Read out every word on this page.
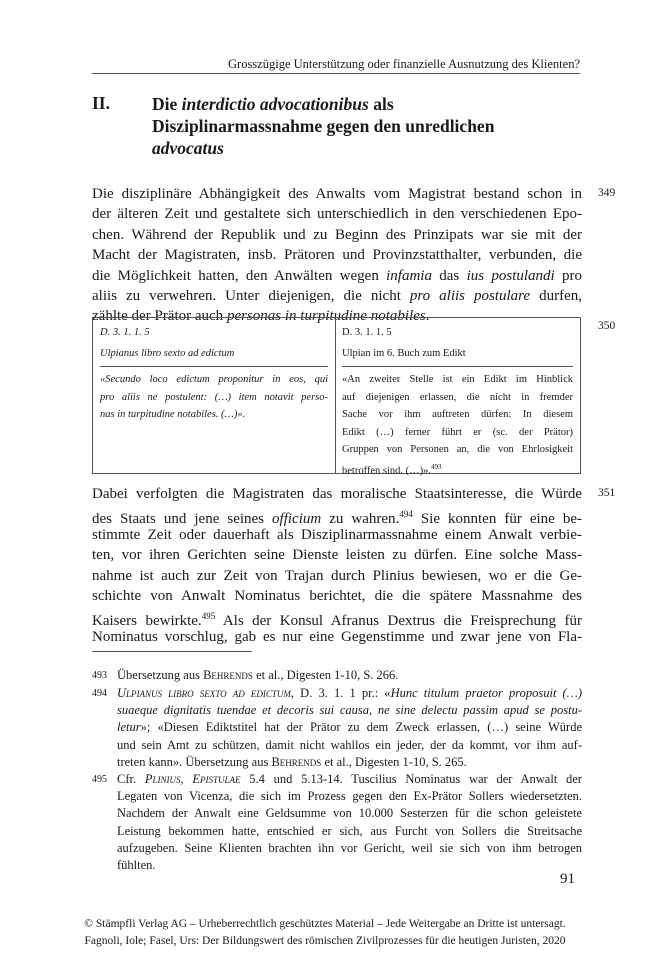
Grosszügige Unterstützung oder finanzielle Ausnutzung des Klienten?
II. Die interdictio advocationibus als
Disziplinarmassnahme gegen den unredlichen
advocatus
349
Die disziplinäre Abhängigkeit des Anwalts vom Magistrat bestand schon in
der älteren Zeit und gestaltete sich unterschiedlich in den verschiedenen Epo-
chen. Während der Republik und zu Beginn des Prinzipats war sie mit der
Macht der Magistraten, insb. Prätoren und Provinzstatthalter, verbunden, die
die Möglichkeit hatten, den Anwälten wegen infamia das ius postulandi pro
aliis zu verwehren. Unter diejenigen, die nicht pro aliis postulare durfen,
zählte der Prätor auch personas in turpitudine notabiles.
350
D. 3. 1. 1. 5
Ulpianus libro sexto ad edictum
«Secundo loco edictum proponitur in eos, qui
pro aliis ne postulent: (…) item notavit perso-
nas in turpitudine notabiles. (…)».
D. 3. 1. 1. 5
Ulpian im 6. Buch zum Edikt
«An zweiter Stelle ist ein Edikt im Hinblick
auf diejenigen erlassen, die nicht in fremder
Sache vor ihm auftreten dürfen: In diesem
Edikt (…) ferner führt er (sc. der Prätor)
Gruppen von Personen an, die von Ehrlosigkeit
betroffen sind. (…)».$^{493}$
351
Dabei verfolgten die Magistraten das moralische Staatsinteresse, die Würde
des Staats und jene seines officium zu wahren.$^{494}$ Sie konnten für eine be-
stimmte Zeit oder dauerhaft als Disziplinarmassnahme einem Anwalt verbie-
ten, vor ihren Gerichten seine Dienste leisten zu dürfen. Eine solche Mass-
nahme ist auch zur Zeit von Trajan durch Plinius bewiesen, wo er die Ge-
schichte von Anwalt Nominatus berichtet, die die spätere Massnahme des
Kaisers bewirkte.$^{495}$ Als der Konsul Afranus Dextrus die Freisprechung für
Nominatus vorschlug, gab es nur eine Gegenstimme und zwar jene von Fla-
493 Übersetzung aus Behrends et al., Digesten 1-10, S. 266.
494 Ulpianus libro sexto ad edictum, D. 3. 1. 1 pr.: «Hunc titulum praetor proposuit (…)
suaeque dignitatis tuendae et decoris sui causa, ne sine delectu passim apud se postu-
letur»; «Diesen Ediktstitel hat der Prätor zu dem Zweck erlassen, (…) seine Würde
und sein Amt zu schützen, damit nicht wahllos ein jeder, der da kommt, vor ihm auf-
treten kann». Übersetzung aus Behrends et al., Digesten 1-10, S. 265.
495 Cfr. Plinius, Epistulae 5.4 und 5.13-14. Tuscilius Nominatus war der Anwalt der
Legaten von Vicenza, die sich im Prozess gegen den Ex-Prätor Sollers wiedersetzten.
Nachdem der Anwalt eine Geldsumme von 10.000 Sesterzen für die schon geleistete
Leistung bekommen hatte, entschied er sich, aus Furcht von Sollers die Streitsache
aufzugeben. Seine Klienten brachten ihn vor Gericht, weil sie sich von ihm betrogen
fühlten.
91
© Stämpfli Verlag AG – Urheberrechtlich geschütztes Material – Jede Weitergabe an Dritte ist untersagt.
Fagnoli, Iole; Fasel, Urs: Der Bildungswert des römischen Zivilprozesses für die heutigen Juristen, 2020
